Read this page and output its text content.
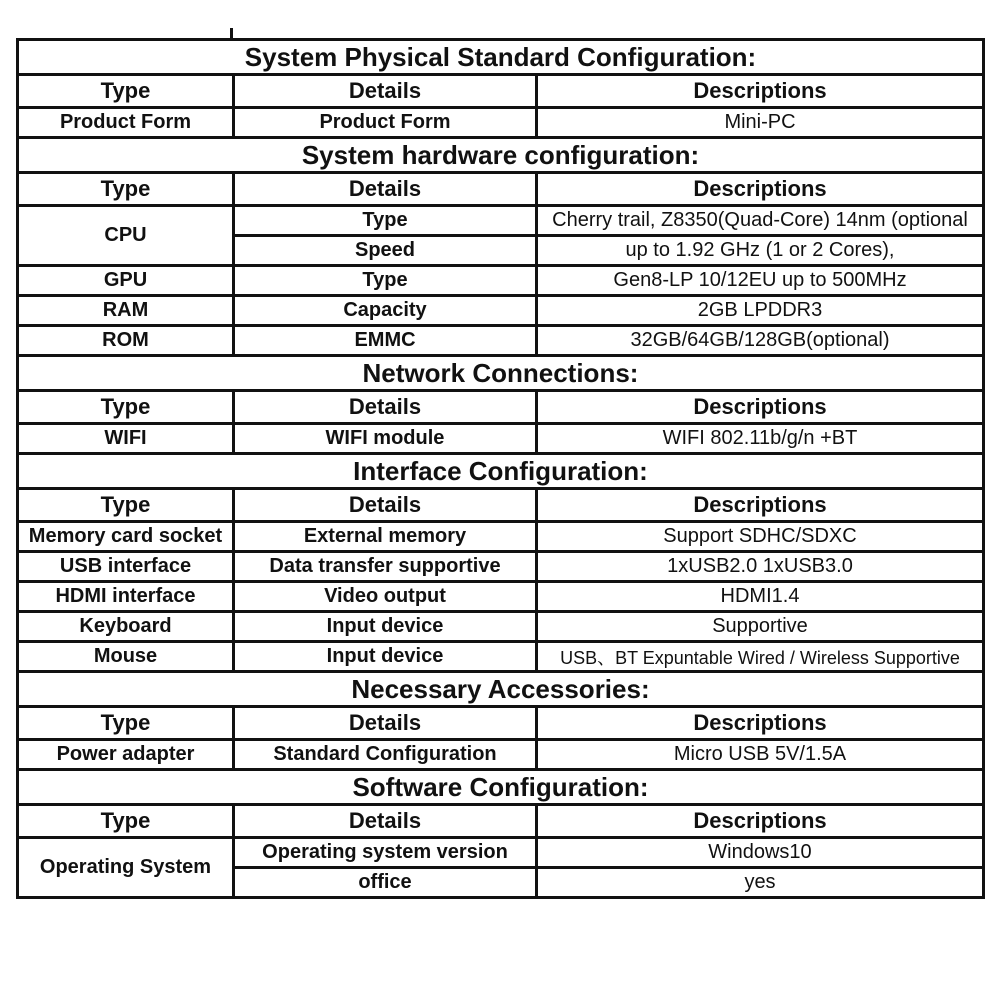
System Physical Standard Configuration:		
Type	Details	Descriptions
Product Form	Product Form	Mini-PC
System hardware configuration:		
Type	Details	Descriptions
CPU	Type	Cherry trail, Z8350(Quad-Core) 14nm (optional
	Speed	up to 1.92 GHz (1 or 2 Cores),
GPU	Type	Gen8-LP 10/12EU up to 500MHz
RAM	Capacity	2GB LPDDR3
ROM	EMMC	32GB/64GB/128GB(optional)
Network Connections:		
Type	Details	Descriptions
WIFI	WIFI module	WIFI 802.11b/g/n +BT
Interface Configuration:		
Type	Details	Descriptions
Memory card socket	External memory	Support SDHC/SDXC
USB interface	Data transfer supportive	1xUSB2.0 1xUSB3.0
HDMI interface	Video output	HDMI1.4
Keyboard	Input device	Supportive
Mouse	Input device	USB、BT Expuntable Wired / Wireless Supportive
Necessary Accessories:		
Type	Details	Descriptions
Power adapter	Standard Configuration	Micro USB 5V/1.5A
Software Configuration:		
Type	Details	Descriptions
Operating System	Operating system version	Windows10
	office	yes
